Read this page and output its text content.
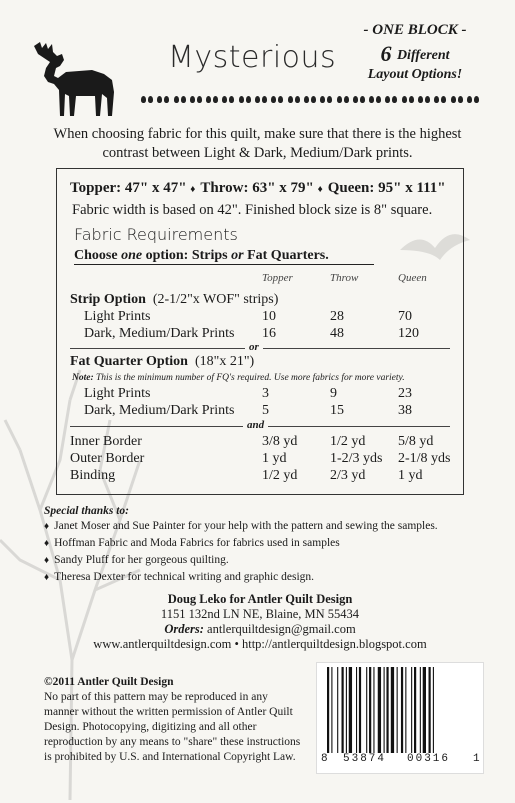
Mysterious
- ONE BLOCK -
6 Different
Layout Options!
When choosing fabric for this quilt, make sure that there is the highest contrast between Light & Dark, Medium/Dark prints.
Topper: 47" x 47" ♦ Throw: 63" x 79" ♦ Queen: 95" x 111"
Fabric width is based on 42". Finished block size is 8" square.
Fabric Requirements
Choose one option: Strips or Fat Quarters.
Topper	Throw	Queen
Strip Option (2-1/2"x WOF" strips)
Light Prints	10	28	70
Dark, Medium/Dark Prints 16	48	120
or
Fat Quarter Option (18"x 21")
Note: This is the minimum number of FQ's required. Use more fabrics for more variety.
Light Prints	3	9	23
Dark, Medium/Dark Prints 5	15	38
and
Inner Border	3/8 yd 1/2 yd 5/8 yd
Outer Border	1 yd	1-2/3 yds 2-1/8 yds
Binding	1/2 yd 2/3 yd 1 yd
Special thanks to:
♦ Janet Moser and Sue Painter for your help with the pattern and sewing the samples.
♦ Hoffman Fabric and Moda Fabrics for fabrics used in samples
♦ Sandy Pluff for her gorgeous quilting.
♦ Theresa Dexter for technical writing and graphic design.
Doug Leko for Antler Quilt Design
1151 132nd LN NE, Blaine, MN 55434
Orders: antlerquiltdesign@gmail.com
www.antlerquiltdesign.com • http://antlerquiltdesign.blogspot.com
©2011 Antler Quilt Design
No part of this pattern may be reproduced in any manner without the written permission of Antler Quilt Design. Photocopying, digitizing and all other reproduction by any means to "share" these instructions is prohibited by U.S. and International Copyright Law.	8 53874 00316 1
